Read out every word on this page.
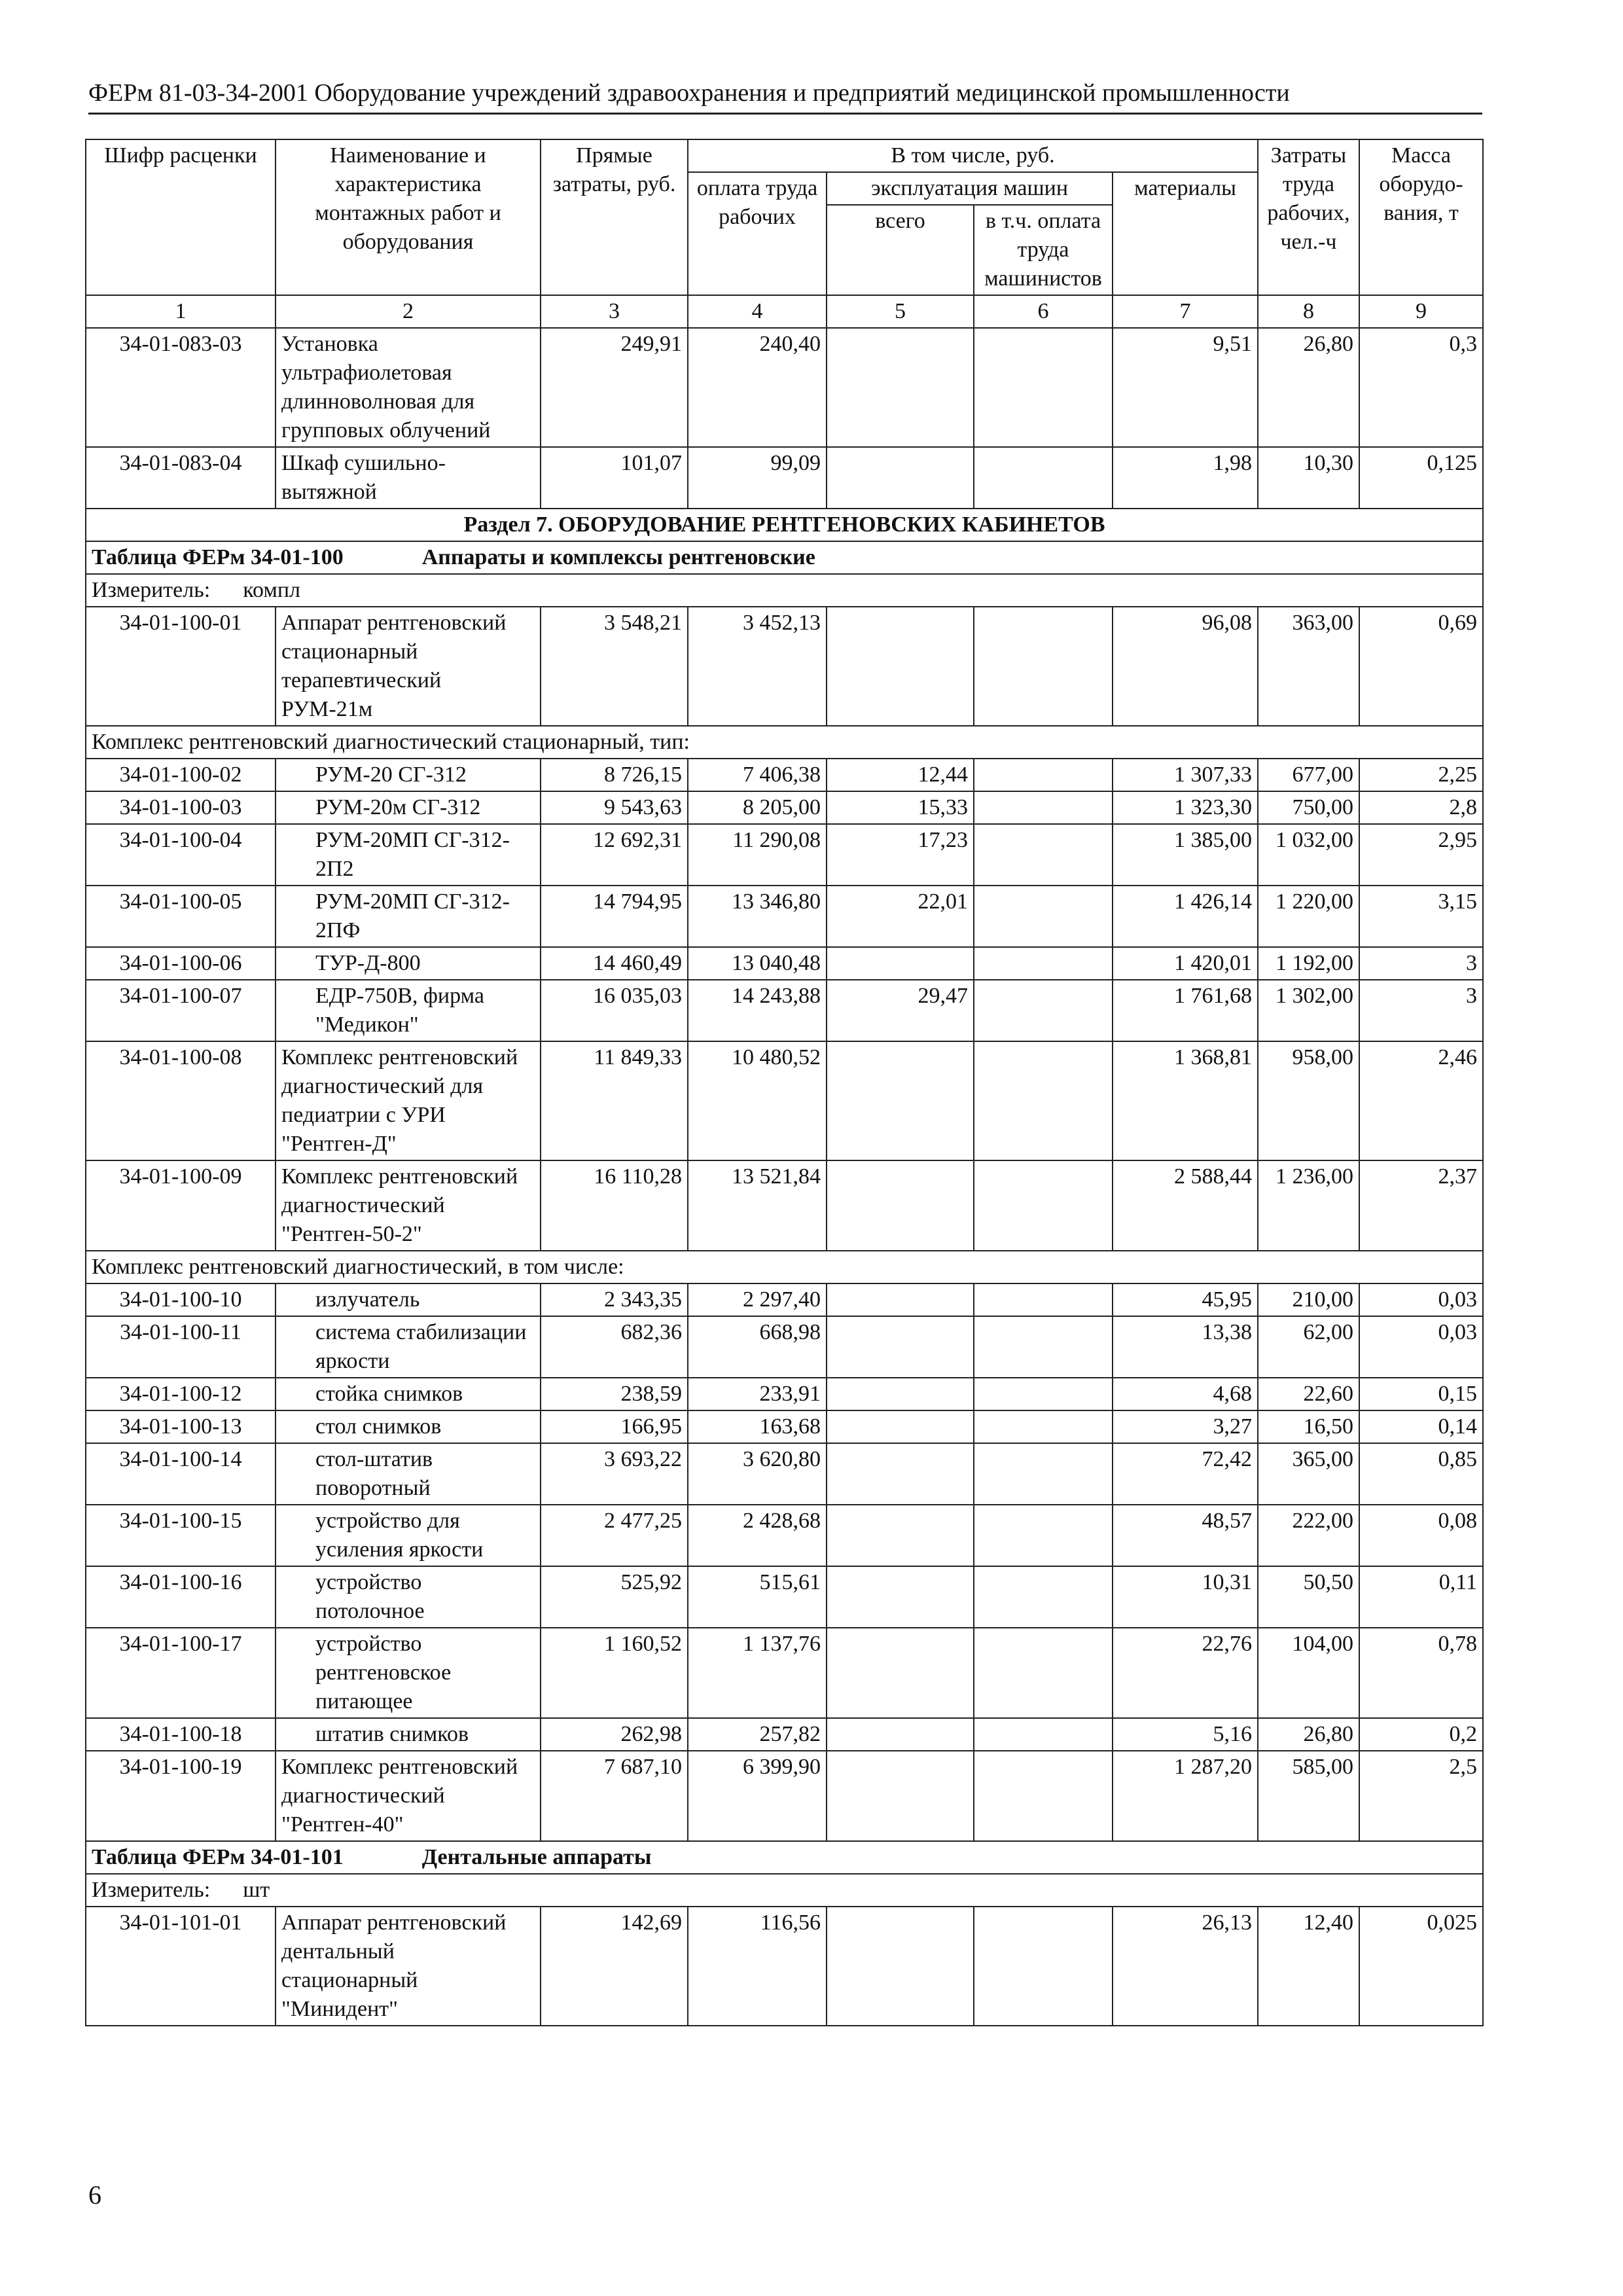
ФЕРм 81-03-34-2001 Оборудование учреждений здравоохранения и предприятий медицинской промышленности
Шифр расценки	Наименование и характеристика монтажных работ и оборудования	Прямые затраты, руб.	В том числе, руб.				Затраты труда рабочих, чел.-ч	Масса оборудо-вания, т
			оплата труда рабочих	эксплуатация машин		материалы		
				всего	в т.ч. оплата труда машинистов			
1	2	3	4	5	6	7	8	9
34-01-083-03	Установка ультрафиолетовая длинноволновая для групповых облучений	249,91	240,40			9,51	26,80	0,3
34-01-083-04	Шкаф сушильно-вытяжной	101,07	99,09			1,98	10,30	0,125
Раздел 7. ОБОРУДОВАНИЕ РЕНТГЕНОВСКИХ КАБИНЕТОВ								
Таблица ФЕРм 34-01-100 Аппараты и комплексы рентгеновские								
Измеритель: компл								
34-01-100-01	Аппарат рентгеновский стационарный терапевтический РУМ-21м	3 548,21	3 452,13			96,08	363,00	0,69
Комплекс рентгеновский диагностический стационарный, тип:								
34-01-100-02	РУМ-20 СГ-312	8 726,15	7 406,38	12,44		1 307,33	677,00	2,25
34-01-100-03	РУМ-20м СГ-312	9 543,63	8 205,00	15,33		1 323,30	750,00	2,8
34-01-100-04	РУМ-20МП СГ-312-2П2	12 692,31	11 290,08	17,23		1 385,00	1 032,00	2,95
34-01-100-05	РУМ-20МП СГ-312-2ПФ	14 794,95	13 346,80	22,01		1 426,14	1 220,00	3,15
34-01-100-06	ТУР-Д-800	14 460,49	13 040,48			1 420,01	1 192,00	3
34-01-100-07	ЕДР-750В, фирма "Медикон"	16 035,03	14 243,88	29,47		1 761,68	1 302,00	3
34-01-100-08	Комплекс рентгеновский диагностический для педиатрии с УРИ "Рентген-Д"	11 849,33	10 480,52			1 368,81	958,00	2,46
34-01-100-09	Комплекс рентгеновский диагностический "Рентген-50-2"	16 110,28	13 521,84			2 588,44	1 236,00	2,37
Комплекс рентгеновский диагностический, в том числе:								
34-01-100-10	излучатель	2 343,35	2 297,40			45,95	210,00	0,03
34-01-100-11	система стабилизации яркости	682,36	668,98			13,38	62,00	0,03
34-01-100-12	стойка снимков	238,59	233,91			4,68	22,60	0,15
34-01-100-13	стол снимков	166,95	163,68			3,27	16,50	0,14
34-01-100-14	стол-штатив поворотный	3 693,22	3 620,80			72,42	365,00	0,85
34-01-100-15	устройство для усиления яркости	2 477,25	2 428,68			48,57	222,00	0,08
34-01-100-16	устройство потолочное	525,92	515,61			10,31	50,50	0,11
34-01-100-17	устройство рентгеновское питающее	1 160,52	1 137,76			22,76	104,00	0,78
34-01-100-18	штатив снимков	262,98	257,82			5,16	26,80	0,2
34-01-100-19	Комплекс рентгеновский диагностический "Рентген-40"	7 687,10	6 399,90			1 287,20	585,00	2,5
Таблица ФЕРм 34-01-101 Дентальные аппараты								
Измеритель: шт								
34-01-101-01	Аппарат рентгеновский дентальный стационарный "Минидент"	142,69	116,56			26,13	12,40	0,025
6
